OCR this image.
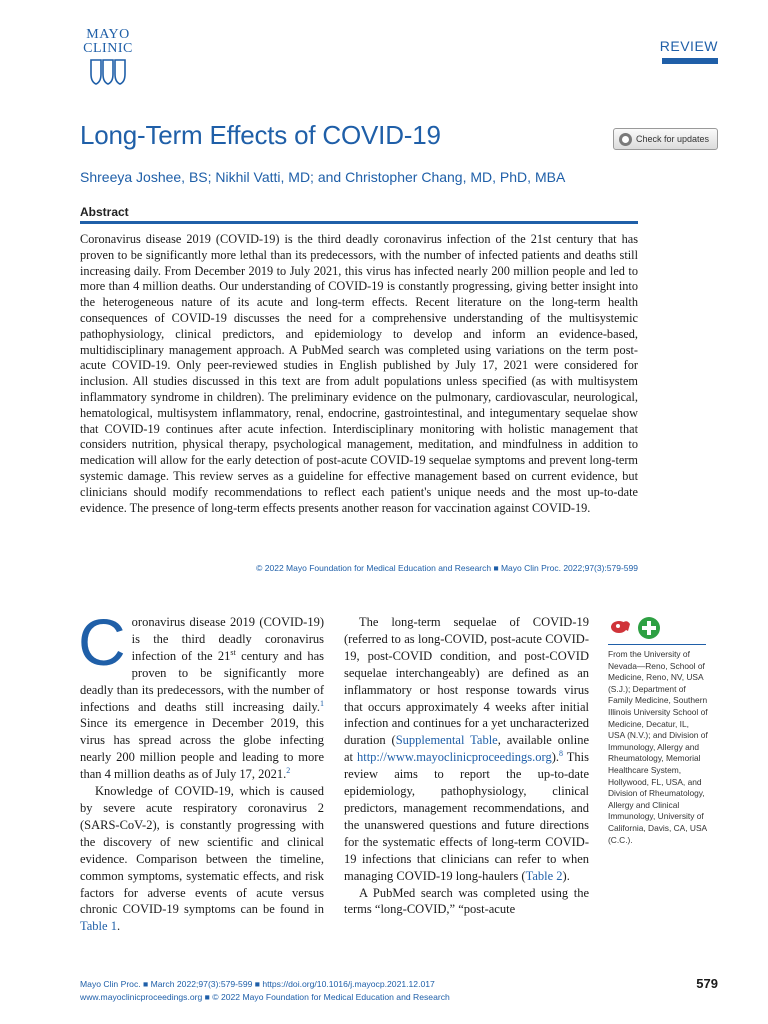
MAYO
CLINIC	REVIEW
Long-Term Effects of COVID-19	Check for updates
Shreeya Joshee, BS; Nikhil Vatti, MD; and Christopher Chang, MD, PhD, MBA
Abstract
Coronavirus disease 2019 (COVID-19) is the third deadly coronavirus infection of the 21st century that has proven to be significantly more lethal than its predecessors, with the number of infected patients and deaths still increasing daily. From December 2019 to July 2021, this virus has infected nearly 200 million people and led to more than 4 million deaths. Our understanding of COVID-19 is constantly progressing, giving better insight into the heterogeneous nature of its acute and long-term effects. Recent literature on the long-term health consequences of COVID-19 discusses the need for a comprehensive understanding of the multisystemic pathophysiology, clinical predictors, and epidemiology to develop and inform an evidence-based, multidisciplinary management approach. A PubMed search was completed using variations on the term post-acute COVID-19. Only peer-reviewed studies in English published by July 17, 2021 were considered for inclusion. All studies discussed in this text are from adult populations unless specified (as with multisystem inflammatory syndrome in children). The preliminary evidence on the pulmonary, cardiovascular, neurological, hematological, multisystem inflammatory, renal, endocrine, gastrointestinal, and integumentary sequelae show that COVID-19 continues after acute infection. Interdisciplinary monitoring with holistic management that considers nutrition, physical therapy, psychological management, meditation, and mindfulness in addition to medication will allow for the early detection of post-acute COVID-19 sequelae symptoms and prevent long-term systemic damage. This review serves as a guideline for effective management based on current evidence, but clinicians should modify recommendations to reflect each patient's unique needs and the most up-to-date evidence. The presence of long-term effects presents another reason for vaccination against COVID-19.
© 2022 Mayo Foundation for Medical Education and Research ■ Mayo Clin Proc. 2022;97(3):579-599

Coronavirus disease 2019 (COVID-19) is the third deadly coronavirus infection of the 21st century and has proven to be significantly more deadly than its predecessors, with the number of infections and deaths still increasing daily.$^1$ Since its emergence in December 2019, this virus has spread across the globe infecting nearly 200 million people and leading to more than 4 million deaths as of July 17, 2021.$^2$

Knowledge of COVID-19, which is caused by severe acute respiratory coronavirus 2 (SARS-CoV-2), is constantly progressing with the discovery of new scientific and clinical evidence. Comparison between the timeline, common symptoms, systematic effects, and risk factors for adverse events of acute versus chronic COVID-19 symptoms can be found in Table 1.

The long-term sequelae of COVID-19 (referred to as long-COVID, post-acute COVID-19, post-COVID condition, and post-COVID sequelae interchangeably) are defined as an inflammatory or host response towards virus that occurs approximately 4 weeks after initial infection and continues for a yet uncharacterized duration (Supplemental Table, available online at http://www.mayoclinicproceedings.org).$^8$ This review aims to report the up-to-date epidemiology, pathophysiology, clinical predictors, management recommendations, and the unanswered questions and future directions for the systematic effects of long-term COVID-19 infections that clinicians can refer to when managing COVID-19 long-haulers (Table 2).

A PubMed search was completed using the terms “long-COVID,” “post-acute

From the University of Nevada—Reno, School of Medicine, Reno, NV, USA (S.J.); Department of Family Medicine, Southern Illinois University School of Medicine, Decatur, IL, USA (N.V.); and Division of Immunology, Allergy and Rheumatology, Memorial Healthcare System, Hollywood, FL, USA, and Division of Rheumatology, Allergy and Clinical Immunology, University of California, Davis, CA, USA (C.C.).
Mayo Clin Proc. ■ March 2022;97(3):579-599 ■ https://doi.org/10.1016/j.mayocp.2021.12.017
www.mayoclinicproceedings.org ■ © 2022 Mayo Foundation for Medical Education and Research
579
